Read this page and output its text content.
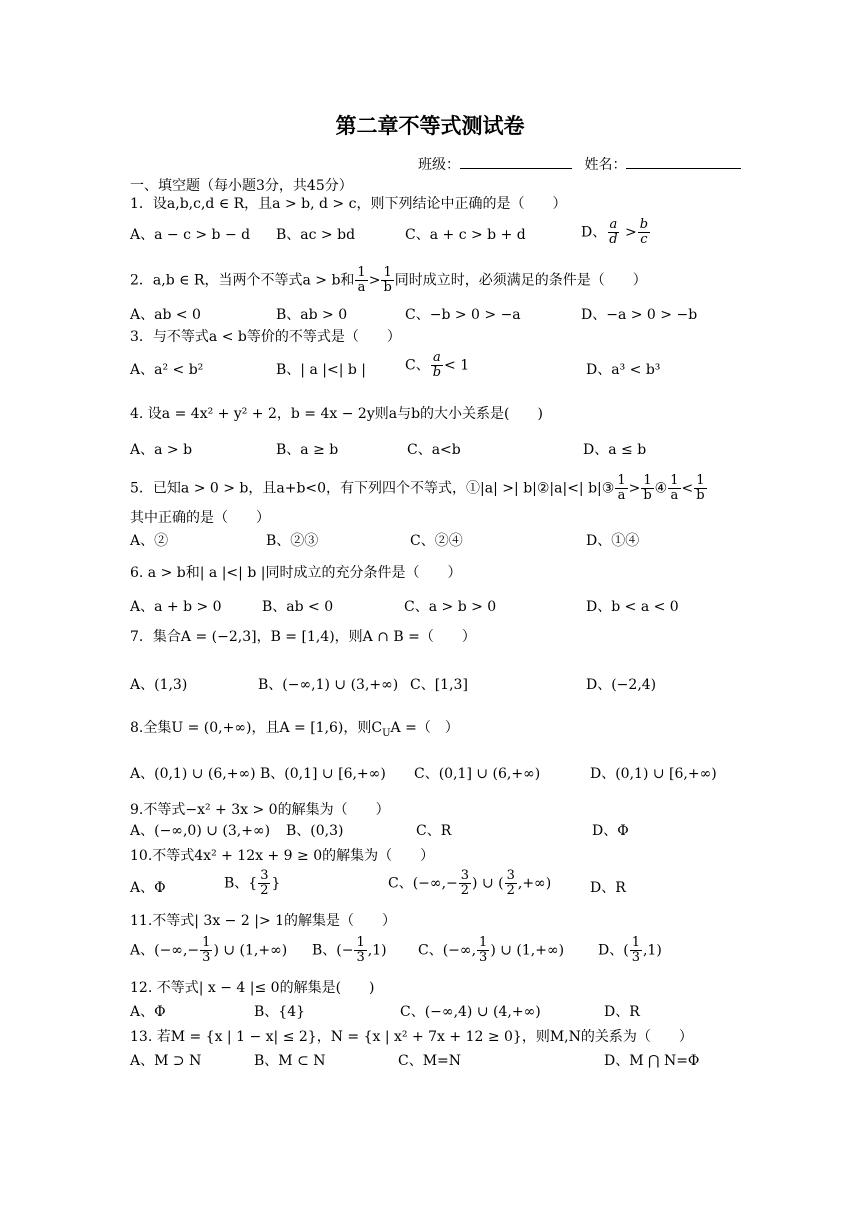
第二章不等式测试卷
班级：	姓名：
一、填空题（每小题3分，共45分）
1．设a,b,c,d ∈ R，且a > b, d > c，则下列结论中正确的是（　　）
A、a − c > b − d B、ac > bd	C、a + c > b + d	D、 $\frac{a}{d} > \frac{b}{c}$
2．a,b ∈ R，当两个不等式a > b和 $\frac{1}{a} > \frac{1}{b}$ 同时成立时，必须满足的条件是（　　）
A、ab < 0	B、ab > 0	C、−b > 0 > −a	D、−a > 0 > −b
3．与不等式a < b等价的不等式是（　　）
A、a² < b²	B、| a |<| b |	C、 $\frac{a}{b} < 1$	D、a³ < b³
4. 设a = 4x² + y² + 2，b = 4x − 2y则a与b的大小关系是(　　)
A、a > b	B、a ≥ b	C、a<b	D、a ≤ b
5．已知a > 0 > b，且a+b<0，有下列四个不等式，①|a| >| b|②|a|<| b|③ $\frac{1}{a} > \frac{1}{b}$ ④ $\frac{1}{a} < \frac{1}{b}$
其中正确的是（　　）
A、②	B、②③	C、②④	D、①④
6. a > b和| a |<| b |同时成立的充分条件是（　　）
A、a + b > 0	B、ab < 0	C、a > b > 0	D、b < a < 0
7．集合A = (−2,3]，B = [1,4)，则A ∩ B =（　　）
A、(1,3)	B、(−∞,1) ∪ (3,+∞) C、[1,3]	D、(−2,4)
8.全集U = (0,+∞)，且A = [1,6)，则$C_UA$ =（　）
A、(0,1) ∪ (6,+∞) B、(0,1] ∪ [6,+∞) C、(0,1] ∪ (6,+∞)	D、(0,1) ∪ [6,+∞)
9.不等式−x² + 3x > 0的解集为（　　）
A、(−∞,0) ∪ (3,+∞) B、(0,3)	C、R	D、Φ
10.不等式4x² + 12x + 9 ≥ 0的解集为（　　）
A、Φ	B、{ $\frac{3}{2}$ }	C、(−∞,− $\frac{3}{2}$ ) ∪ ( $\frac{3}{2}$ ,+∞)	D、R
11.不等式| 3x − 2 |> 1的解集是（　　）
A、(−∞,− $\frac{1}{3}$ ) ∪ (1,+∞) B、(− $\frac{1}{3} ,1$) C、(−∞, $\frac{1}{3}$ ) ∪ (1,+∞) D、( $\frac{1}{3} ,1$)
12. 不等式| x − 4 |≤ 0的解集是(　　)
A、Φ	B、{4}	C、(−∞,4) ∪ (4,+∞)	D、R
13. 若M = {x | 1 − x| ≤ 2}，N = {x | x² + 7x + 12 ≥ 0}，则M,N的关系为（　　）
A、M ⊃ N	B、M ⊂ N	C、M=N	D、M ⋂ N=Φ
